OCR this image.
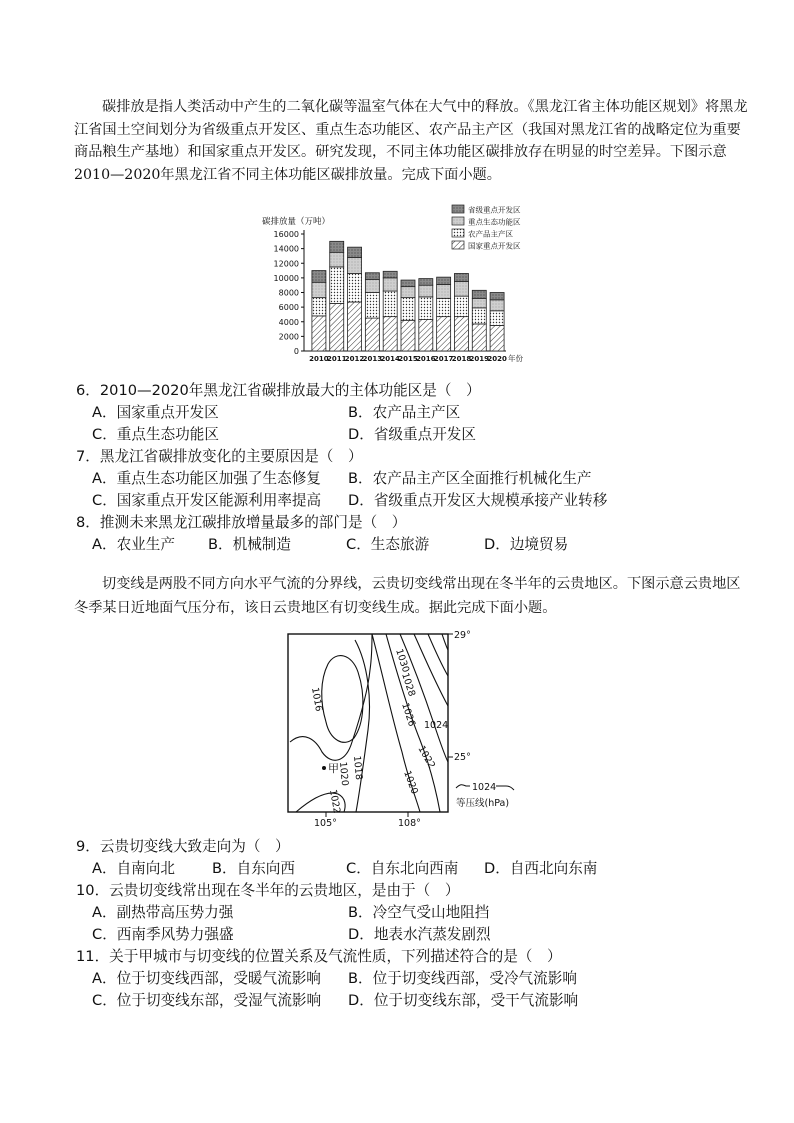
碳排放是指人类活动中产生的二氧化碳等温室气体在大气中的释放。《黑龙江省主体功能区规划》将黑龙江省国土空间划分为省级重点开发区、重点生态功能区、农产品主产区（我国对黑龙江省的战略定位为重要商品粮生产基地）和国家重点开发区。研究发现，不同主体功能区碳排放存在明显的时空差异。下图示意2010—2020年黑龙江省不同主体功能区碳排放量。完成下面小题。
0
2000
4000
6000
8000
10000
12000
14000
16000
碳排放量（万吨）
2010
2011
2012
2013
2014
2015
2016
2017
2018
2019
2020 年份
省级重点开发区
重点生态功能区
农产品主产区
国家重点开发区
6．2010—2020年黑龙江省碳排放最大的主体功能区是（　）
A．国家重点开发区	B．农产品主产区
C．重点生态功能区	D．省级重点开发区
7．黑龙江省碳排放变化的主要原因是（　）
A．重点生态功能区加强了生态修复 B．农产品主产区全面推行机械化生产
C．国家重点开发区能源利用率提高 D．省级重点开发区大规模承接产业转移
8．推测未来黑龙江碳排放增量最多的部门是（　）
A．农业生产 B．机械制造	C．生态旅游	D．边境贸易
切变线是两股不同方向水平气流的分界线，云贵切变线常出现在冬半年的云贵地区。下图示意云贵地区冬季某日近地面气压分布，该日云贵地区有切变线生成。据此完成下面小题。
1030
1028
1026
1022
1016
1018
1020	1020
1022
1024
甲
29°
25°
105°	108°
1024
等压线(hPa)
9．云贵切变线大致走向为（　）
A．自南向北	B．自东向西	C．自东北向西南 D．自西北向东南
10．云贵切变线常出现在冬半年的云贵地区，是由于（　）
A．副热带高压势力强	B．冷空气受山地阻挡
C．西南季风势力强盛	D．地表水汽蒸发剧烈
11．关于甲城市与切变线的位置关系及气流性质，下列描述符合的是（　）
A．位于切变线西部，受暖气流影响 B．位于切变线西部，受冷气流影响
C．位于切变线东部，受湿气流影响 D．位于切变线东部，受干气流影响
